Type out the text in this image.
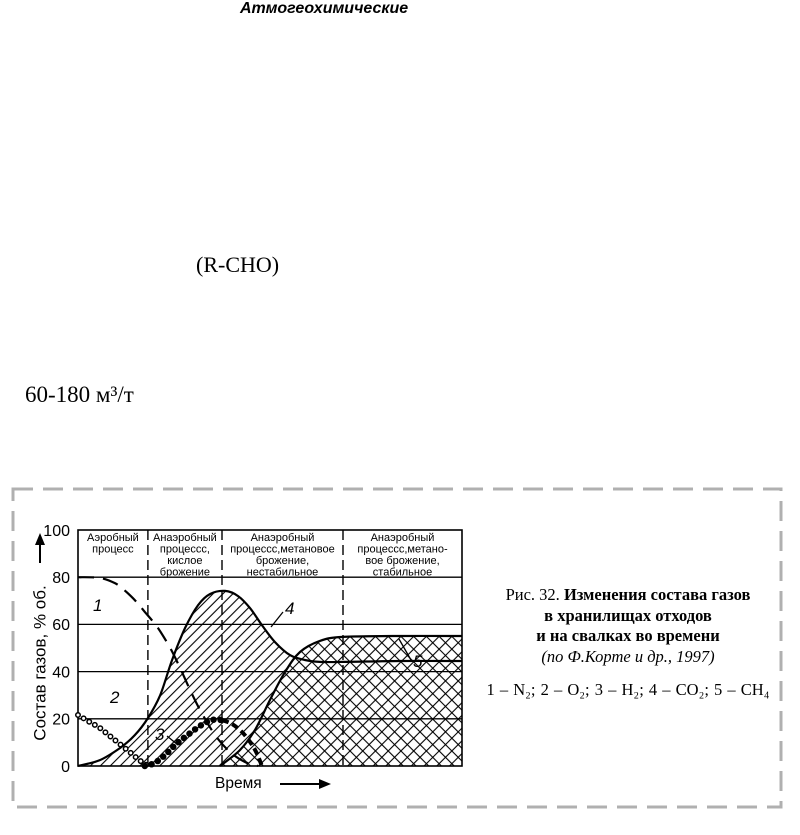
Атмогеохимические
(R-CHO)
60-180 м³/т
100
80
60
40
20
0
Состав газов, % об.
Время
Аэробный
процесс
Анаэробный
процессс,
кислое
брожение
Анаэробный
процессс,метановое
брожение,
нестабильное
Анаэробный
процессс,метано-
вое брожение,
стабильное
1
2
3
4
5
Рис. 32. Изменения состава газов
в хранилищах отходов
и на свалках во времени
(по Ф.Корте и др., 1997)
1 – N₂; 2 – O₂; 3 – H₂; 4 – CO₂; 5 – CH₄
